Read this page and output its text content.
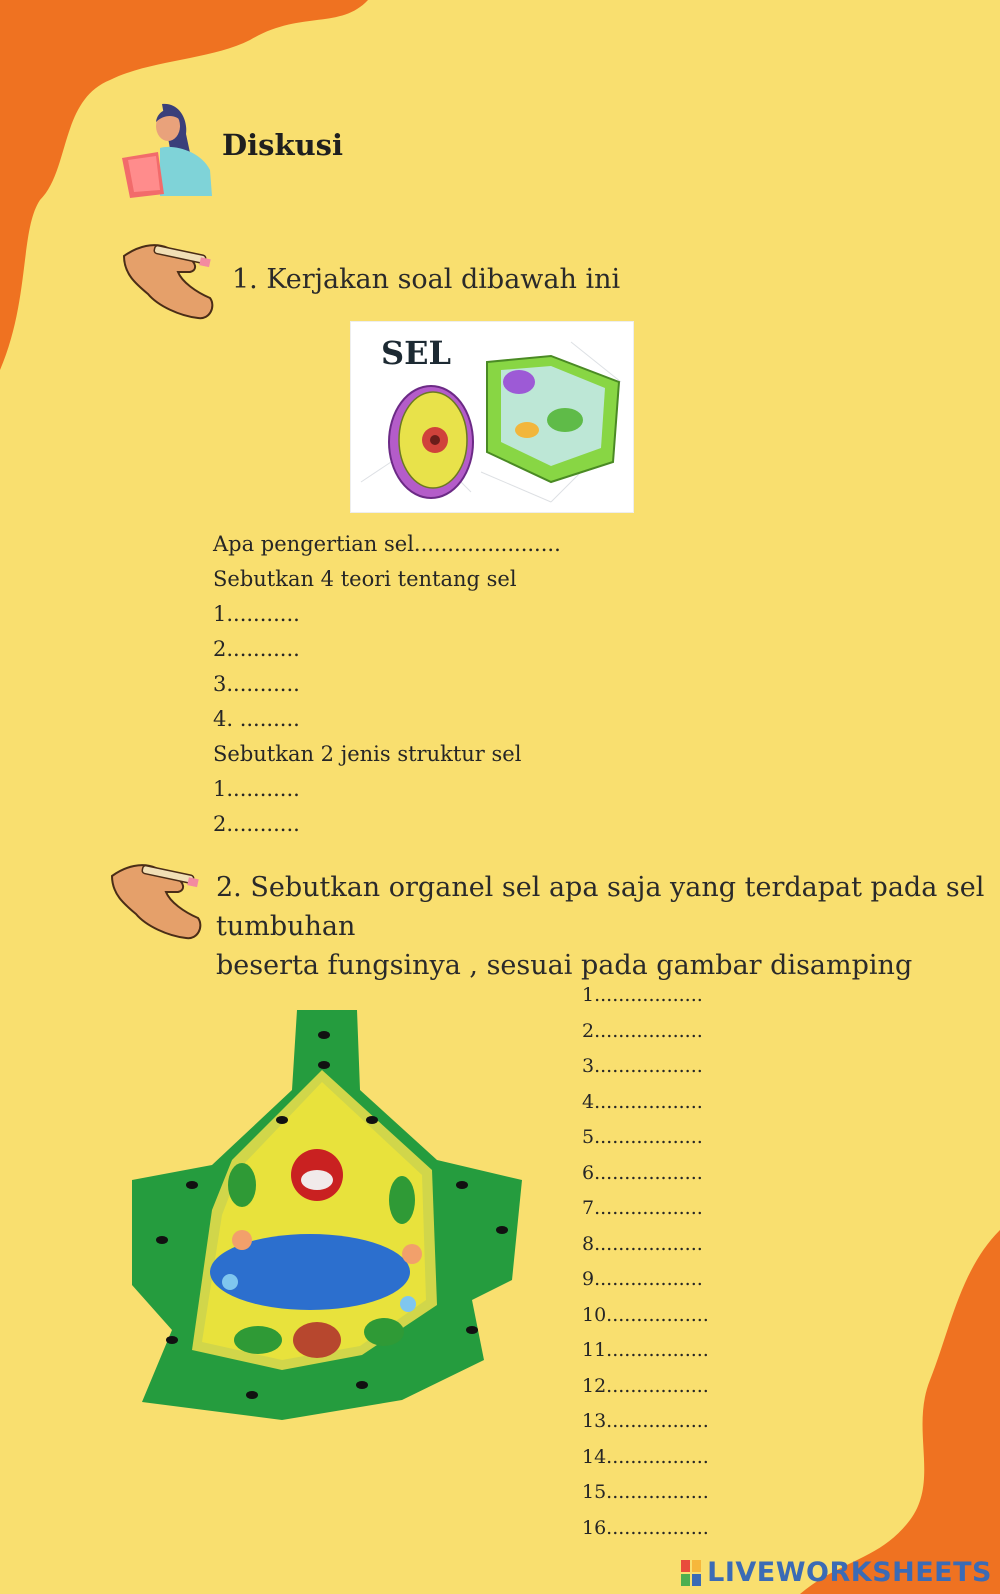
Diskusi
1. Kerjakan soal dibawah ini
SEL
Apa pengertian sel......................
Sebutkan 4 teori tentang sel
1...........
2...........
3...........
4. .........
Sebutkan 2 jenis struktur sel
1...........
2...........
2. Sebutkan organel sel apa saja yang terdapat pada sel tumbuhan
beserta fungsinya , sesuai pada gambar disamping
1..................
2..................
3..................
4..................
5..................
6..................
7..................
8..................
9..................
10.................
11.................
12.................
13.................
14.................
15.................
16.................
LIVEWORKSHEETS
